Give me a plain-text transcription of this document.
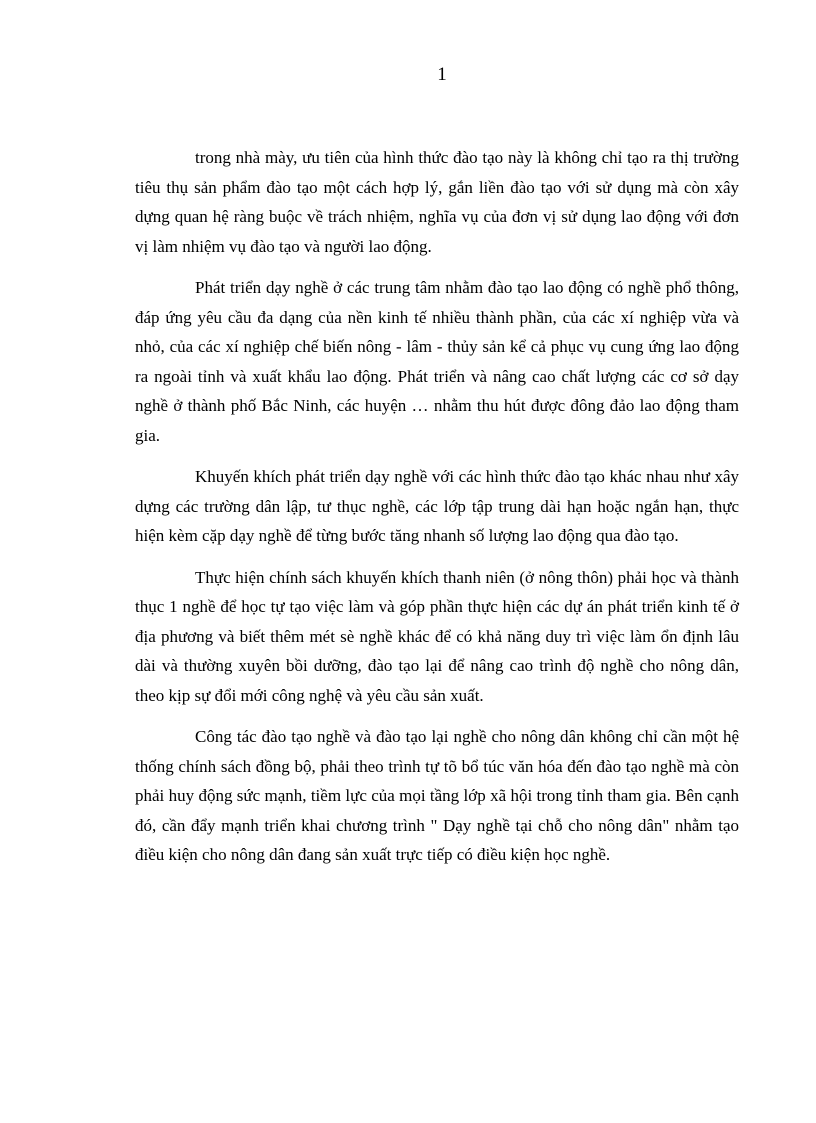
1

trong nhà mày, ưu tiên của hình thức đào tạo này là không chỉ tạo ra thị trường tiêu thụ sản phẩm đào tạo một cách hợp lý, gắn liền đào tạo với sử dụng mà còn xây dựng quan hệ ràng buộc về trách nhiệm, nghĩa vụ của đơn vị sử dụng lao động với đơn vị làm nhiệm vụ đào tạo và người lao động.

Phát triển dạy nghề ở các trung tâm nhằm đào tạo lao động có nghề phổ thông, đáp ứng yêu cầu đa dạng của nền kinh tế nhiều thành phần, của các xí nghiệp vừa và nhỏ, của các xí nghiệp chế biến nông - lâm - thủy sản kể cả phục vụ cung ứng lao động ra ngoài tỉnh và xuất khẩu lao động. Phát triển và nâng cao chất lượng các cơ sở dạy nghề ở thành phố Bắc Ninh, các huyện … nhằm thu hút được đông đảo lao động tham gia.

Khuyến khích phát triển dạy nghề với các hình thức đào tạo khác nhau như xây dựng các trường dân lập, tư thục nghề, các lớp tập trung dài hạn hoặc ngắn hạn, thực hiện kèm cặp dạy nghề để từng bước tăng nhanh số lượng lao động qua đào tạo.

Thực hiện chính sách khuyến khích thanh niên (ở nông thôn) phải học và thành thục 1 nghề để học tự tạo việc làm và góp phần thực hiện các dự án phát triển kinh tế ở địa phương và biết thêm mét sè nghề khác để có khả năng duy trì việc làm ổn định lâu dài và thường xuyên bồi dưỡng, đào tạo lại để nâng cao trình độ nghề cho nông dân, theo kịp sự đổi mới công nghệ và yêu cầu sản xuất.

Công tác đào tạo nghề và đào tạo lại nghề cho nông dân không chỉ cần một hệ thống chính sách đồng bộ, phải theo trình tự tõ bổ túc văn hóa đến đào tạo nghề mà còn phải huy động sức mạnh, tiềm lực của mọi tầng lớp xã hội trong tỉnh tham gia. Bên cạnh đó, cần đẩy mạnh triển khai chương trình " Dạy nghề tại chỗ cho nông dân" nhằm tạo điều kiện cho nông dân đang sản xuất trực tiếp có điều kiện học nghề.
